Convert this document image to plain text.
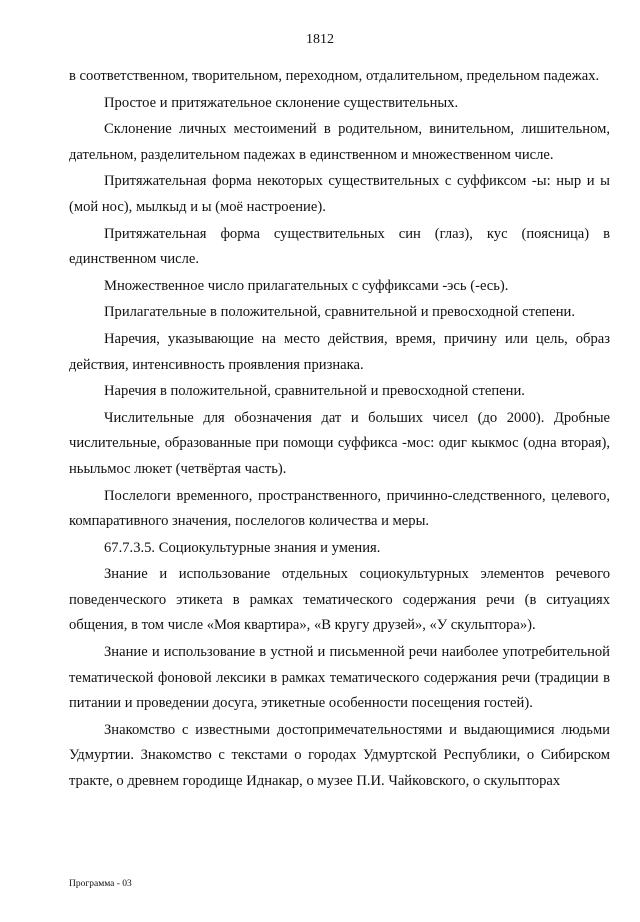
1812

в соответственном, творительном, переходном, отдалительном, предельном падежах.

Простое и притяжательное склонение существительных.

Склонение личных местоимений в родительном, винительном, лишительном, дательном, разделительном падежах в единственном и множественном числе.

Притяжательная форма некоторых существительных с суффиксом -ы: ныр и ы (мой нос), мылкыд и ы (моё настроение).

Притяжательная форма существительных син (глаз), кус (поясница) в единственном числе.

Множественное число прилагательных с суффиксами -эсь (-есь).

Прилагательные в положительной, сравнительной и превосходной степени.

Наречия, указывающие на место действия, время, причину или цель, образ действия, интенсивность проявления признака.

Наречия в положительной, сравнительной и превосходной степени.

Числительные для обозначения дат и больших чисел (до 2000). Дробные числительные, образованные при помощи суффикса -мос: одиг кыкмос (одна вторая), ньыльмос люкет (четвёртая часть).

Послелоги временного, пространственного, причинно-следственного, целевого, компаративного значения, послелогов количества и меры.

67.7.3.5. Социокультурные знания и умения.

Знание и использование отдельных социокультурных элементов речевого поведенческого этикета в рамках тематического содержания речи (в ситуациях общения, в том числе «Моя квартира», «В кругу друзей», «У скульптора»).

Знание и использование в устной и письменной речи наиболее употребительной тематической фоновой лексики в рамках тематического содержания речи (традиции в питании и проведении досуга, этикетные особенности посещения гостей).

Знакомство с известными достопримечательностями и выдающимися людьми Удмуртии. Знакомство с текстами о городах Удмуртской Республики, о Сибирском тракте, о древнем городище Иднакар, о музее П.И. Чайковского, о скульпторах

Программа - 03
